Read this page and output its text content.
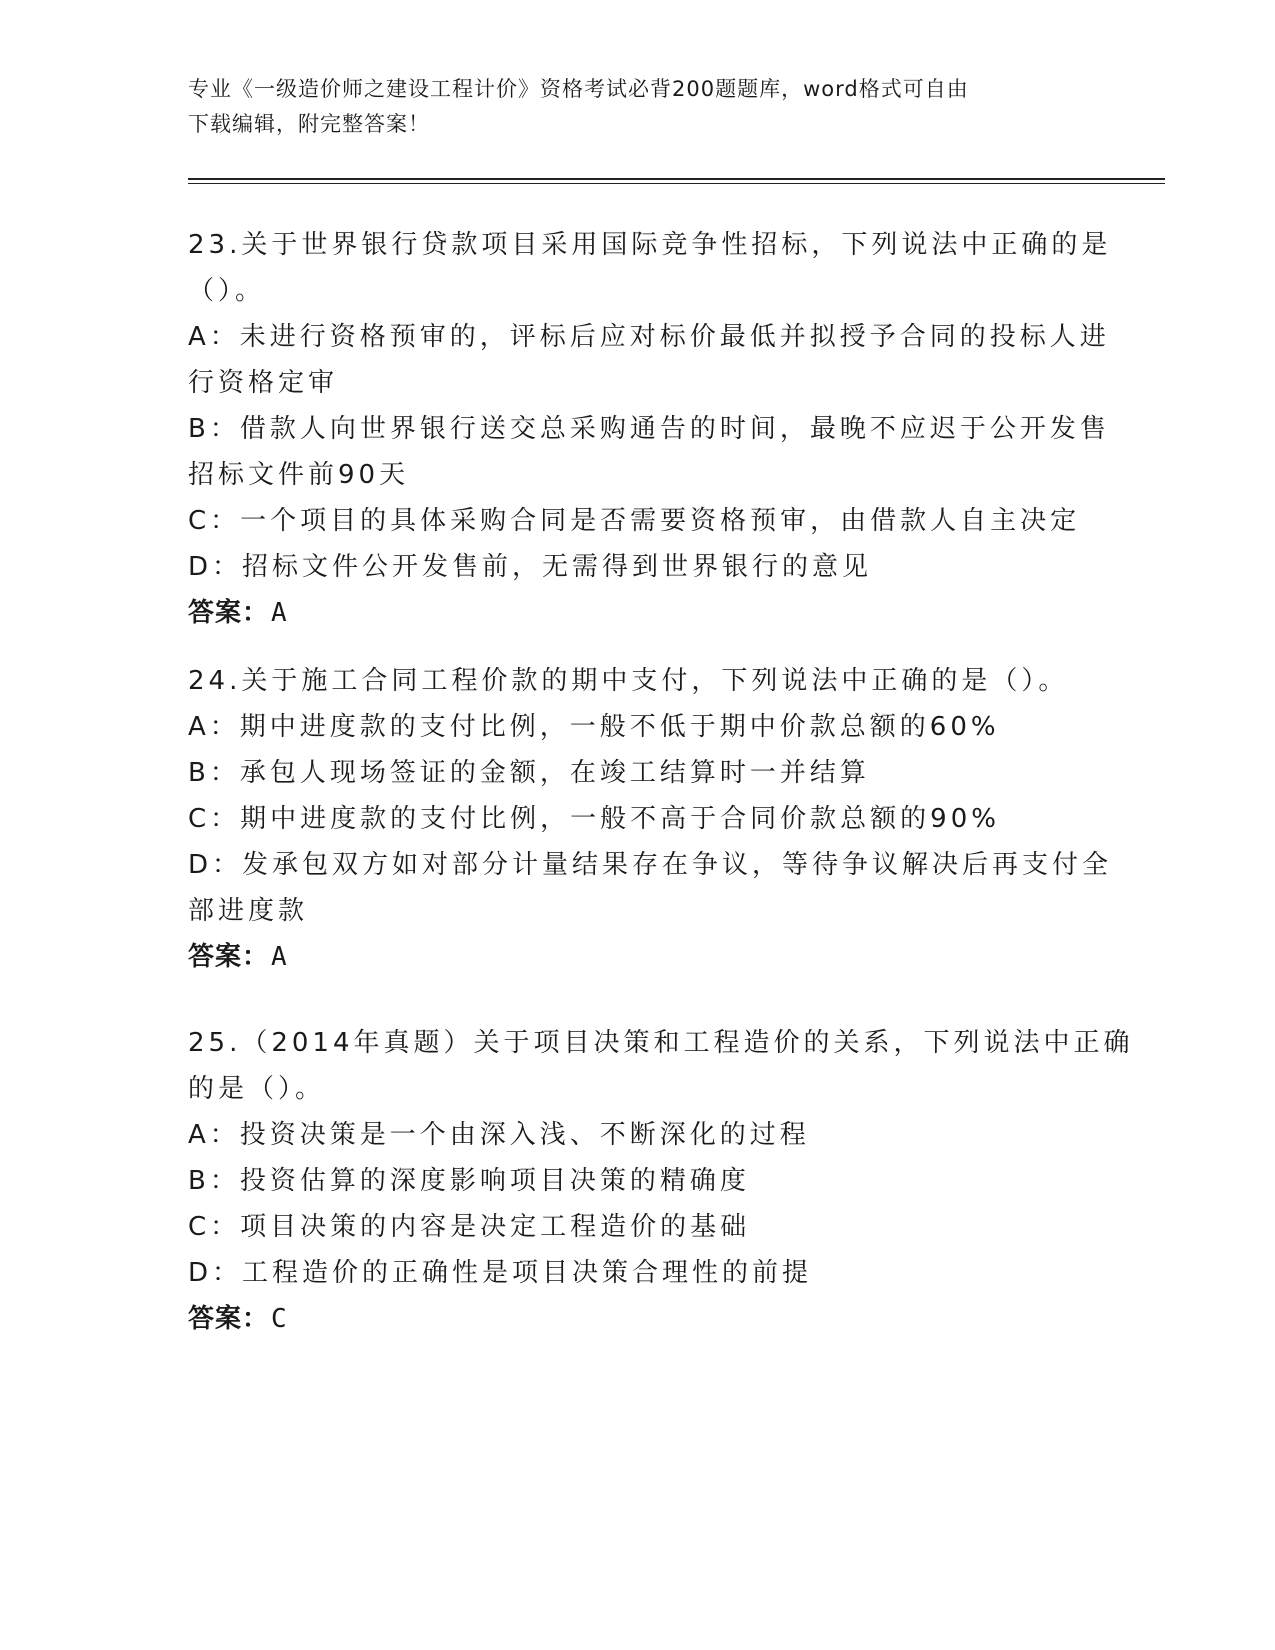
专业《一级造价师之建设工程计价》资格考试必背200题题库，word格式可自由
下载编辑，附完整答案！
23.关于世界银行贷款项目采用国际竞争性招标，下列说法中正确的是
（）。
A：未进行资格预审的，评标后应对标价最低并拟授予合同的投标人进
行资格定审
B：借款人向世界银行送交总采购通告的时间，最晚不应迟于公开发售
招标文件前90天
C：一个项目的具体采购合同是否需要资格预审，由借款人自主决定
D：招标文件公开发售前，无需得到世界银行的意见
答案：A
24.关于施工合同工程价款的期中支付，下列说法中正确的是（）。
A：期中进度款的支付比例，一般不低于期中价款总额的60%
B：承包人现场签证的金额，在竣工结算时一并结算
C：期中进度款的支付比例，一般不高于合同价款总额的90%
D：发承包双方如对部分计量结果存在争议，等待争议解决后再支付全
部进度款
答案：A
25.（2014年真题）关于项目决策和工程造价的关系，下列说法中正确
的是（）。
A：投资决策是一个由深入浅、不断深化的过程
B：投资估算的深度影响项目决策的精确度
C：项目决策的内容是决定工程造价的基础
D：工程造价的正确性是项目决策合理性的前提
答案：C
